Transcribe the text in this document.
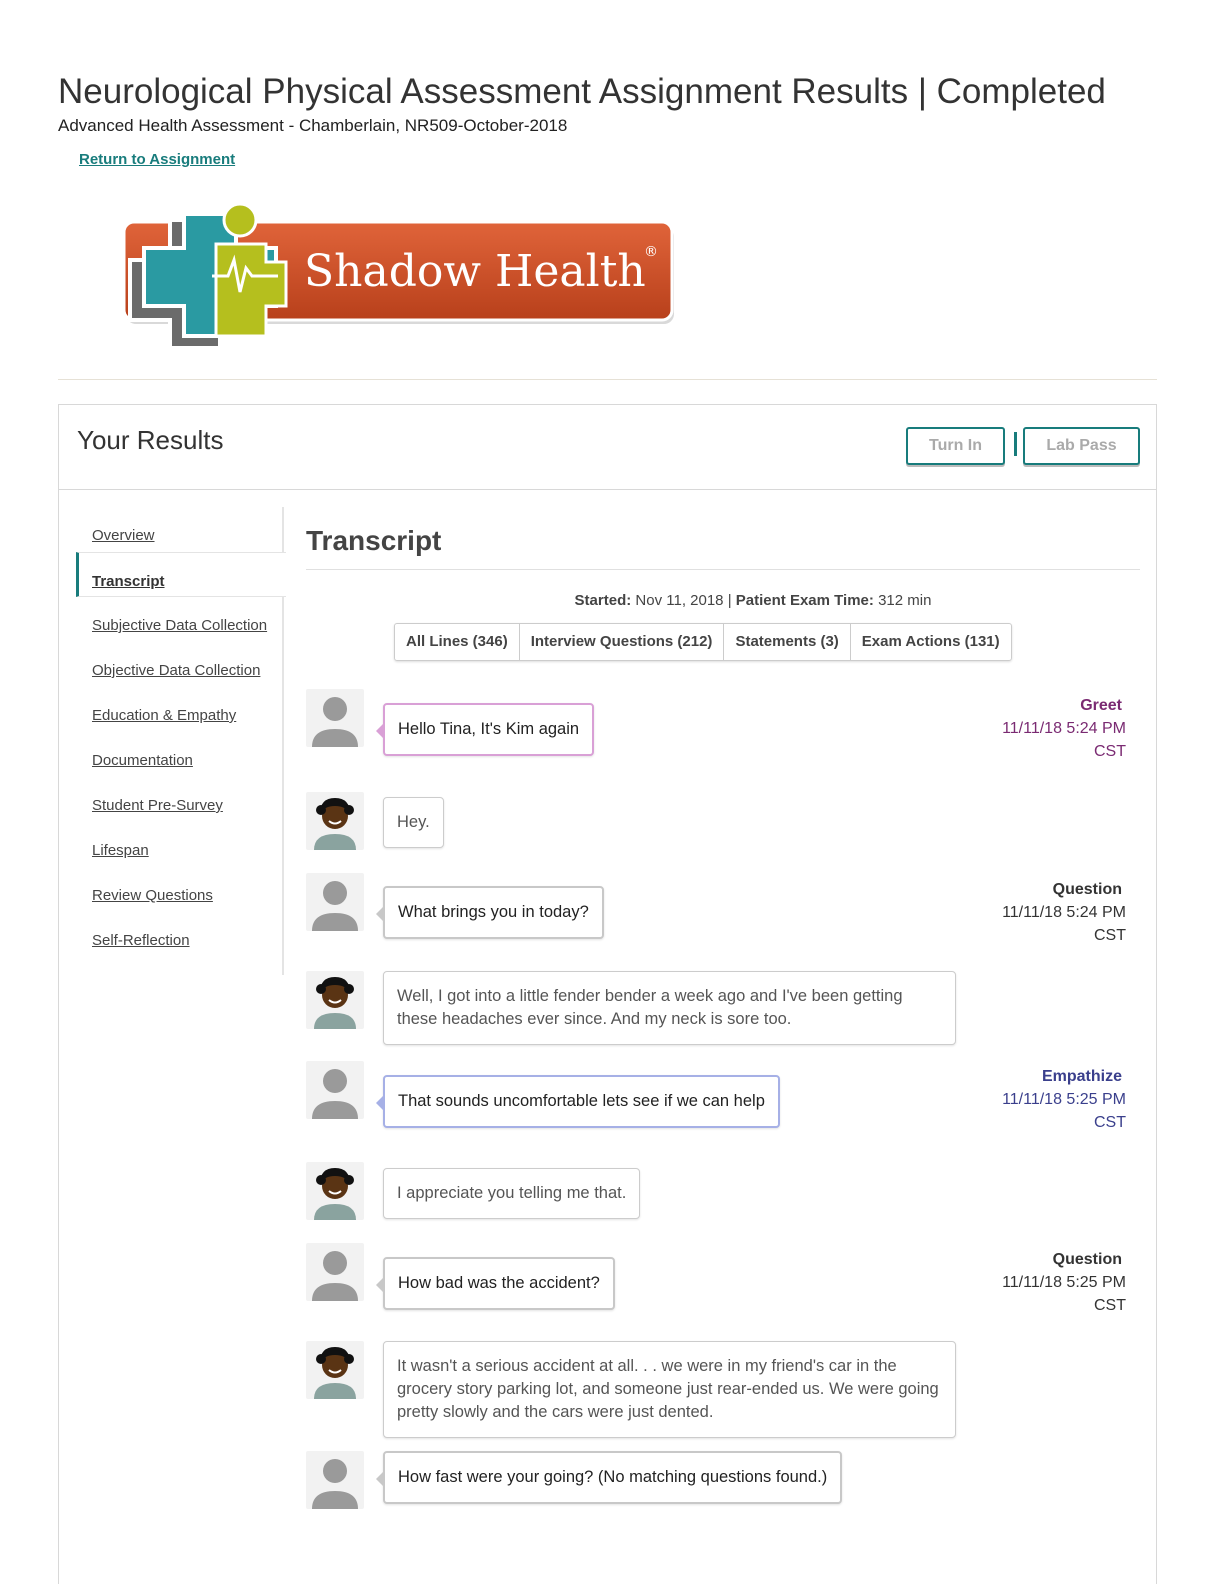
Neurological Physical Assessment Assignment Results | Completed
Advanced Health Assessment - Chamberlain, NR509-October-2018
Return to Assignment
Shadow Health
®
Your Results	Turn In	Lab Pass
Overview
Transcript
Subjective Data Collection
Objective Data Collection
Education & Empathy
Documentation
Student Pre-Survey
Lifespan
Review Questions
Self-Reflection
Transcript
Started: Nov 11, 2018 | Patient Exam Time: 312 min
All Lines (346)	Interview Questions (212)	Statements (3)	Exam Actions (131)
Hello Tina, It's Kim again
Greet
11/11/18 5:24 PM
CST
Hey.
What brings you in today?
Question
11/11/18 5:24 PM
CST
Well, I got into a little fender bender a week ago and I've been getting these headaches ever since. And my neck is sore too.
That sounds uncomfortable lets see if we can help
Empathize
11/11/18 5:25 PM
CST
I appreciate you telling me that.
How bad was the accident?
Question
11/11/18 5:25 PM
CST
It wasn't a serious accident at all. . . we were in my friend's car in the grocery story parking lot, and someone just rear-ended us. We were going pretty slowly and the cars were just dented.
How fast were your going? (No matching questions found.)
